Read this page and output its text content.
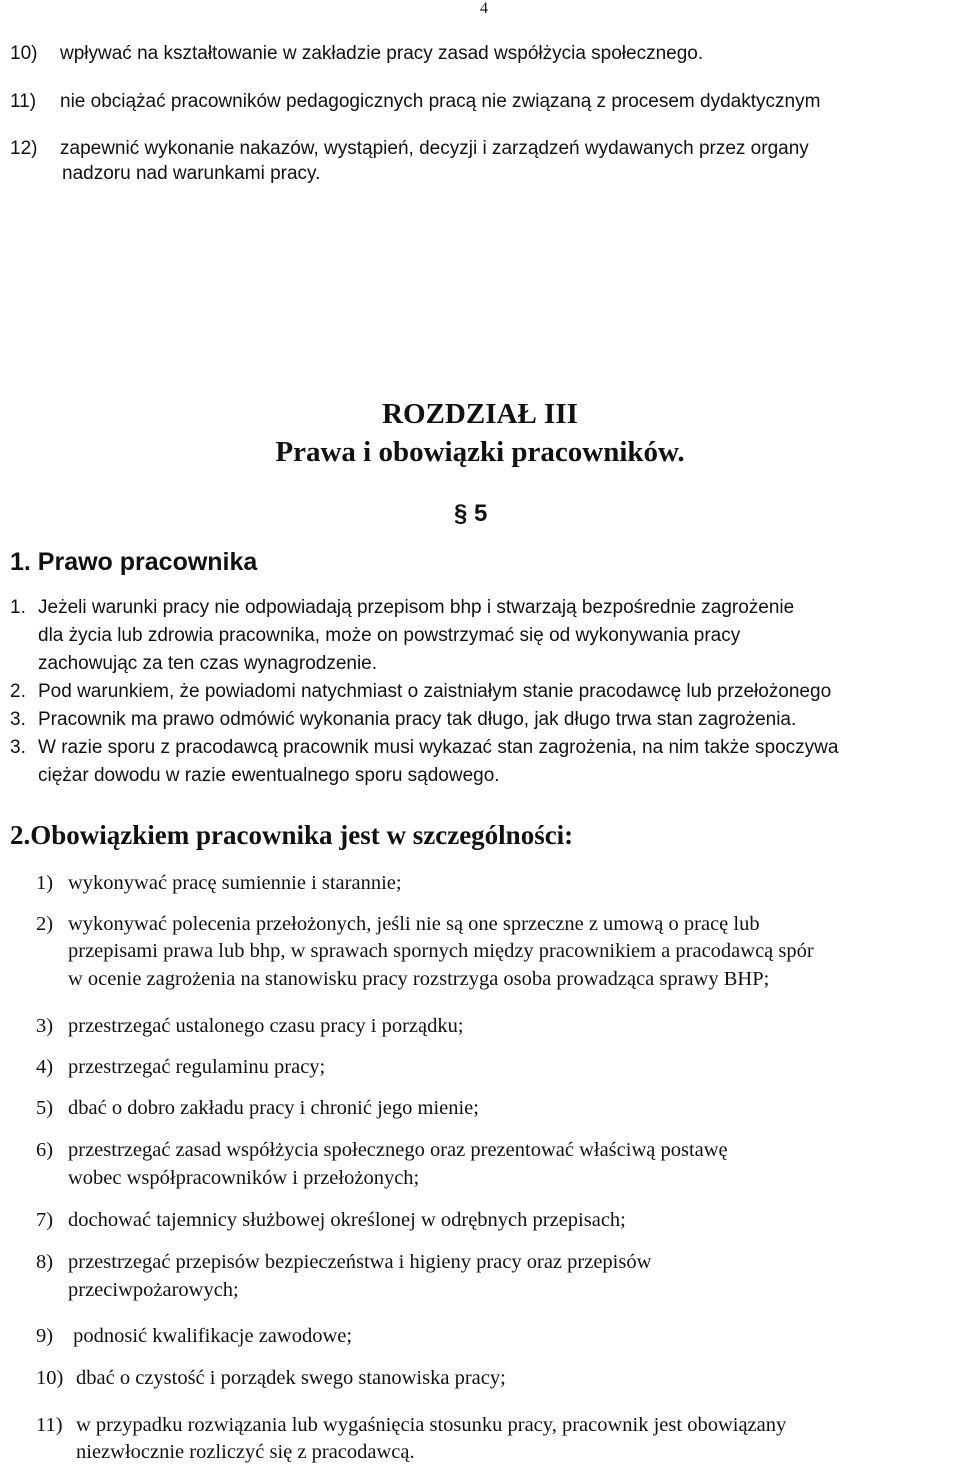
4
10) wpływać na kształtowanie w zakładzie pracy zasad współżycia społecznego.
11) nie obciążać pracowników pedagogicznych pracą nie związaną z procesem dydaktycznym
12) zapewnić wykonanie nakazów, wystąpień, decyzji i zarządzeń wydawanych przez organy
nadzoru nad warunkami pracy.
ROZDZIAŁ III
Prawa i obowiązki pracowników.
§ 5
1. Prawo pracownika
1. Jeżeli warunki pracy nie odpowiadają przepisom bhp i stwarzają bezpośrednie zagrożenie
dla życia lub zdrowia pracownika, może on powstrzymać się od wykonywania pracy
zachowując za ten czas wynagrodzenie.
2. Pod warunkiem, że powiadomi natychmiast o zaistniałym stanie pracodawcę lub przełożonego
3. Pracownik ma prawo odmówić wykonania pracy tak długo, jak długo trwa stan zagrożenia.
3. W razie sporu z pracodawcą pracownik musi wykazać stan zagrożenia, na nim także spoczywa
ciężar dowodu w razie ewentualnego sporu sądowego.
2.Obowiązkiem pracownika jest w szczególności:
1) wykonywać pracę sumiennie i starannie;
2) wykonywać polecenia przełożonych, jeśli nie są one sprzeczne z umową o pracę lub
przepisami prawa lub bhp, w sprawach spornych między pracownikiem a pracodawcą spór
w ocenie zagrożenia na stanowisku pracy rozstrzyga osoba prowadząca sprawy BHP;
3) przestrzegać ustalonego czasu pracy i porządku;
4) przestrzegać regulaminu pracy;
5) dbać o dobro zakładu pracy i chronić jego mienie;
6) przestrzegać zasad współżycia społecznego oraz prezentować właściwą postawę
wobec współpracowników i przełożonych;
7) dochować tajemnicy służbowej określonej w odrębnych przepisach;
8) przestrzegać przepisów bezpieczeństwa i higieny pracy oraz przepisów
przeciwpożarowych;
9) podnosić kwalifikacje zawodowe;
10) dbać o czystość i porządek swego stanowiska pracy;
11) w przypadku rozwiązania lub wygaśnięcia stosunku pracy, pracownik jest obowiązany
niezwłocznie rozliczyć się z pracodawcą.
